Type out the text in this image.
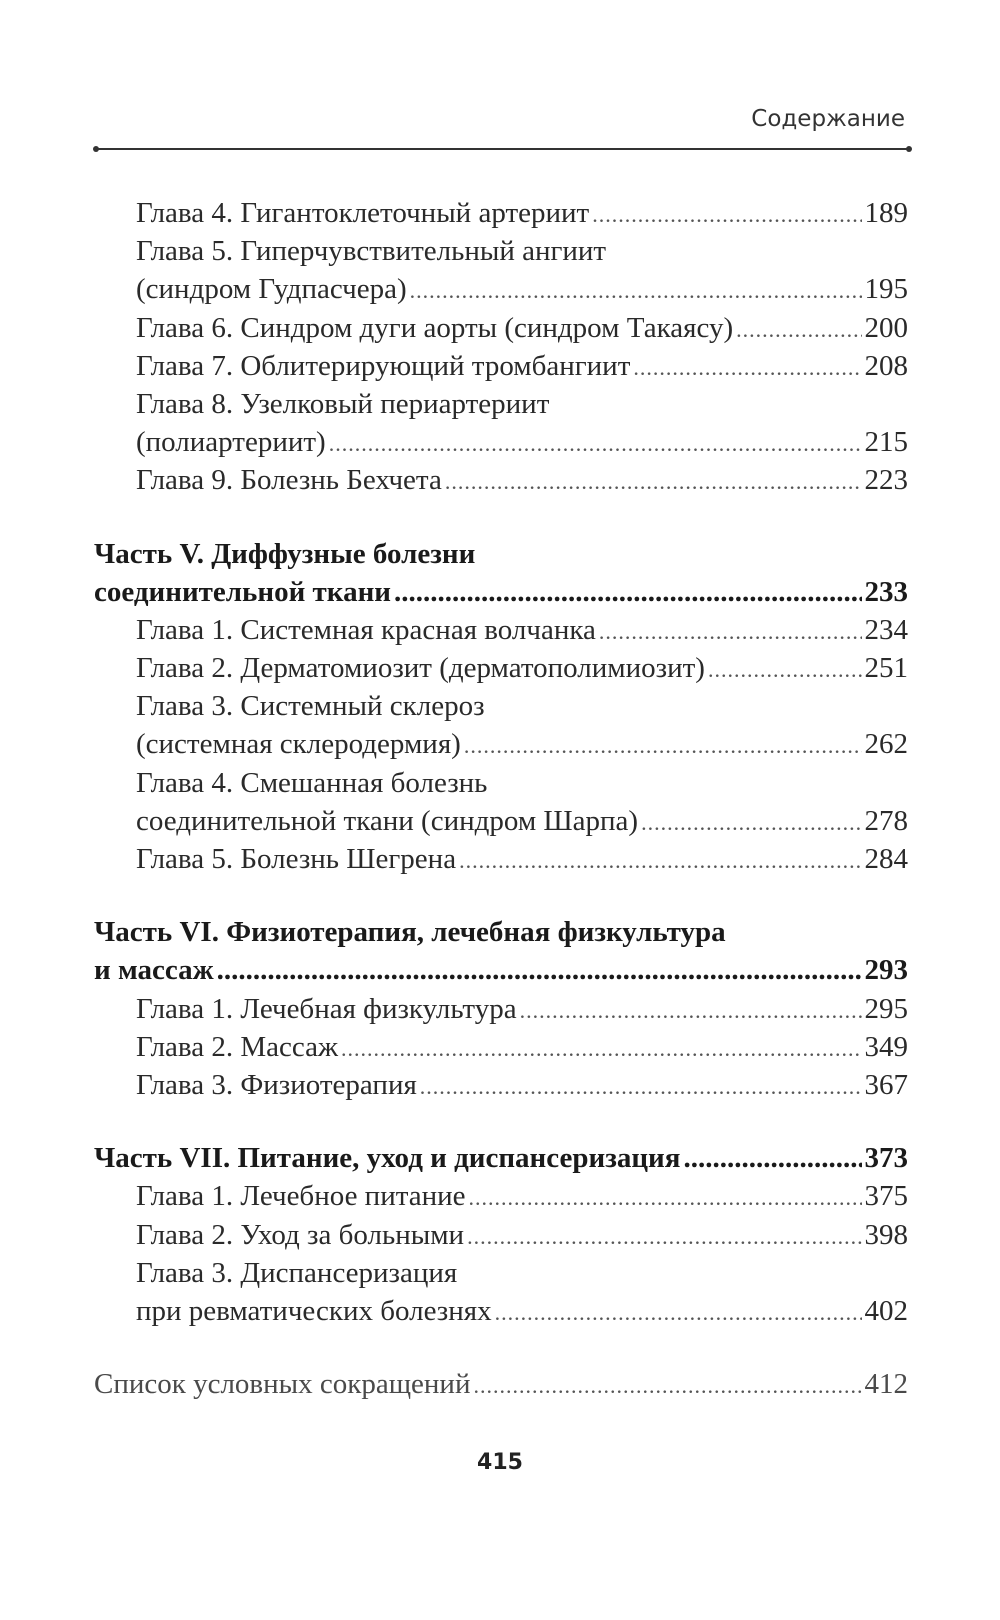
Содержание
Глава 4. Гигантоклеточный артериит .....	189
Глава 5. Гиперчувствительный ангиит
(синдром Гудпасчера) .....	195
Глава 6. Синдром дуги аорты (синдром Такаясу) .....	200
Глава 7. Облитерирующий тромбангиит .....	208
Глава 8. Узелковый периартериит
(полиартериит) .....	215
Глава 9. Болезнь Бехчета .....	223
Часть V. Диффузные болезни
соединительной ткани .....	233
Глава 1. Системная красная волчанка .....	234
Глава 2. Дерматомиозит (дерматополимиозит) .....	251
Глава 3. Системный склероз
(системная склеродермия) .....	262
Глава 4. Смешанная болезнь
соединительной ткани (синдром Шарпа) .....	278
Глава 5. Болезнь Шегрена .....	284
Часть VI. Физиотерапия, лечебная физкультура
и массаж .....	293
Глава 1. Лечебная физкультура .....	295
Глава 2. Массаж .....	349
Глава 3. Физиотерапия .....	367
Часть VII. Питание, уход и диспансеризация .....	373
Глава 1. Лечебное питание .....	375
Глава 2. Уход за больными .....	398
Глава 3. Диспансеризация
при ревматических болезнях .....	402
Список условных сокращений .....	412
415
